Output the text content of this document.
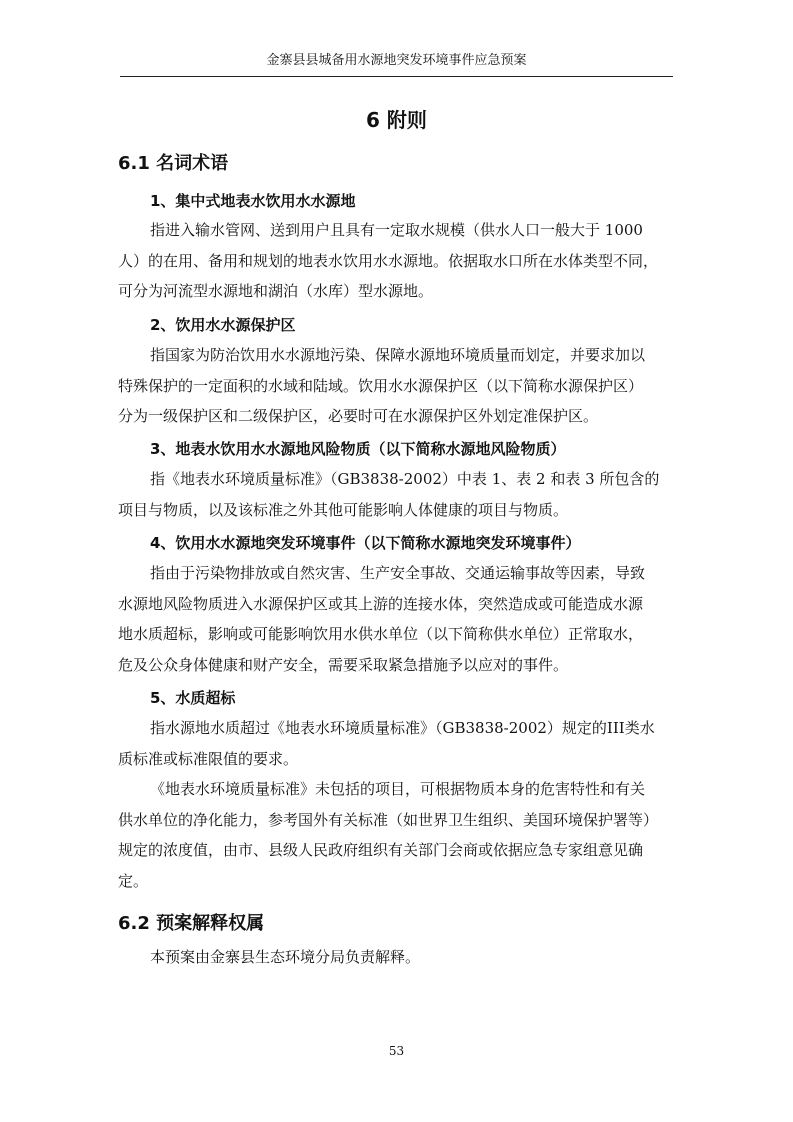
金寨县县城备用水源地突发环境事件应急预案
6 附则
6.1 名词术语
1、集中式地表水饮用水水源地
指进入输水管网、送到用户且具有一定取水规模（供水人口一般大于 1000
人）的在用、备用和规划的地表水饮用水水源地。依据取水口所在水体类型不同，
可分为河流型水源地和湖泊（水库）型水源地。
2、饮用水水源保护区
指国家为防治饮用水水源地污染、保障水源地环境质量而划定，并要求加以
特殊保护的一定面积的水域和陆域。饮用水水源保护区（以下简称水源保护区）
分为一级保护区和二级保护区，必要时可在水源保护区外划定准保护区。
3、地表水饮用水水源地风险物质（以下简称水源地风险物质）
指《地表水环境质量标准》（GB3838-2002）中表 1、表 2 和表 3 所包含的
项目与物质，以及该标准之外其他可能影响人体健康的项目与物质。
4、饮用水水源地突发环境事件（以下简称水源地突发环境事件）
指由于污染物排放或自然灾害、生产安全事故、交通运输事故等因素，导致
水源地风险物质进入水源保护区或其上游的连接水体，突然造成或可能造成水源
地水质超标，影响或可能影响饮用水供水单位（以下简称供水单位）正常取水，
危及公众身体健康和财产安全，需要采取紧急措施予以应对的事件。
5、水质超标
指水源地水质超过《地表水环境质量标准》（GB3838-2002）规定的III类水
质标准或标准限值的要求。
《地表水环境质量标准》未包括的项目，可根据物质本身的危害特性和有关
供水单位的净化能力，参考国外有关标准（如世界卫生组织、美国环境保护署等）
规定的浓度值，由市、县级人民政府组织有关部门会商或依据应急专家组意见确
定。
6.2 预案解释权属
本预案由金寨县生态环境分局负责解释。
53
